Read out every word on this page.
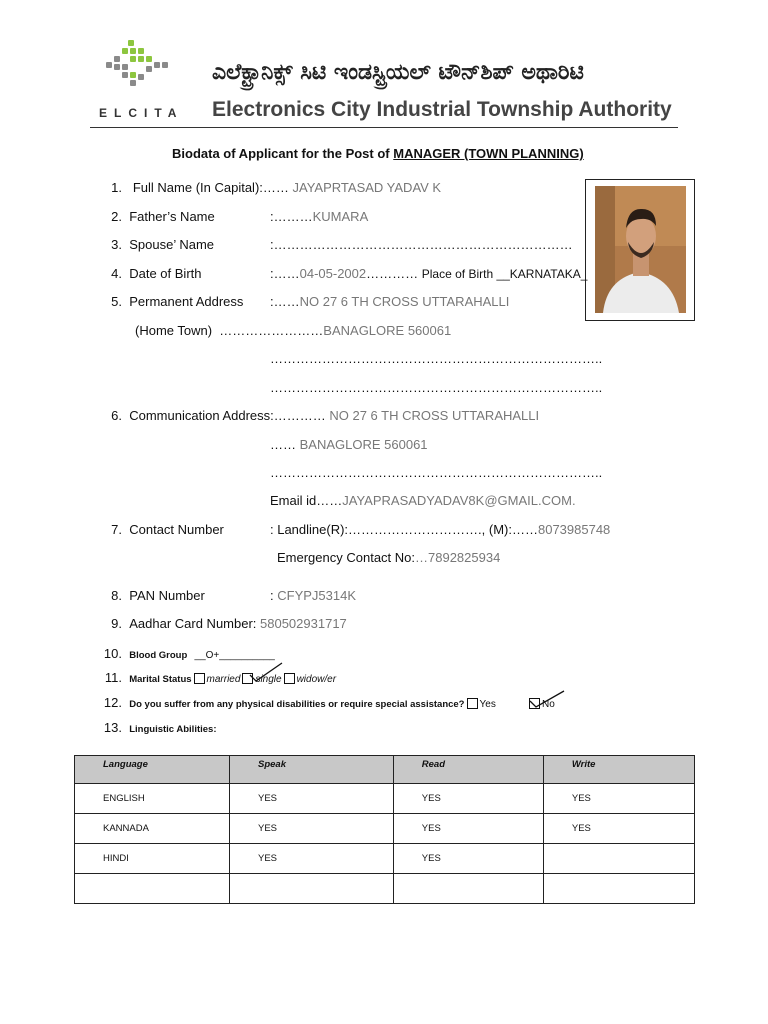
ELCITA
ಎಲೆಕ್ಟ್ರಾನಿಕ್ಸ್ ಸಿಟಿ ಇಂಡಸ್ಟ್ರಿಯಲ್ ಟೌನ್‌ಶಿಪ್ ಅಥಾರಿಟಿ
Electronics City Industrial Township Authority
Biodata of Applicant for the Post of MANAGER (TOWN PLANNING)
1. Full Name (In Capital):…… JAYAPRTASAD YADAV K
2. Father’s Name	:………KUMARA
3. Spouse’ Name	:……………………………………………………………
4. Date of Birth	:……04-05-2002………… Place of Birth __KARNATAKA_
5. Permanent Address :……NO 27 6 TH CROSS UTTARAHALLI
(Home Town) ……………………BANAGLORE 560061
…………………………………………………………………..
…………………………………………………………………..
6. Communication Address:………… NO 27 6 TH CROSS UTTARAHALLI
…… BANAGLORE 560061
…………………………………………………………………..
Email id……JAYAPRASADYADAV8K@GMAIL.COM.
7. Contact Number	: Landline(R):…………………………., (M):……8073985748
Emergency Contact No:…7892825934
8. PAN Number	: CFYPJ5314K
9. Aadhar Card Number: 580502931717
10. Blood Group __O+__________
11. Marital Status married single widow/er
12. Do you suffer from any physical disabilities or require special assistance? Yes	No
13. Linguistic Abilities:
Language	Speak	Read	Write
ENGLISH	YES	YES	YES
KANNADA	YES	YES	YES
HINDI	YES	YES	
